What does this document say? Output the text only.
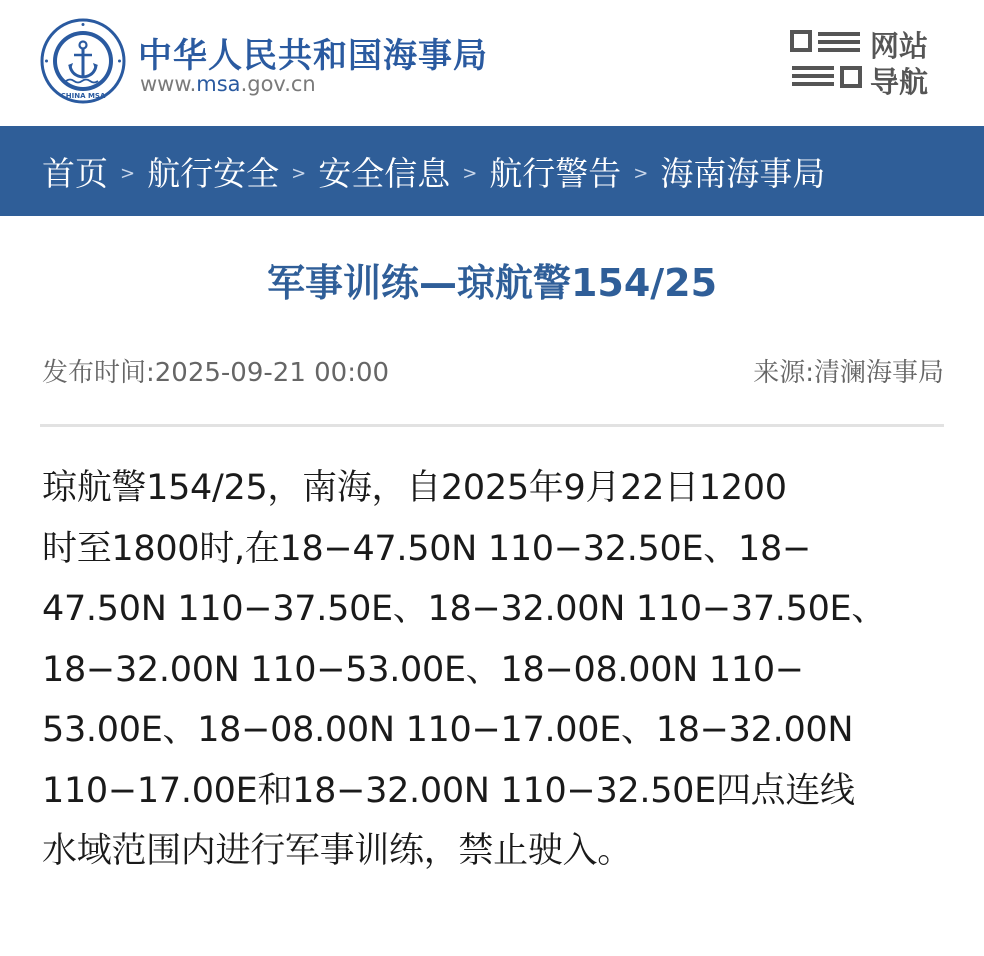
CHINA MSA
中华人民共和国海事局
www.msa.gov.cn
网站
导航
首页 > 航行安全 > 安全信息 > 航行警告 > 海南海事局
军事训练—琼航警154/25
发布时间:2025-09-21 00:00	来源:清澜海事局
琼航警154/25，南海，自2025年9月22日1200
时至1800时,在18−47.50N 110−32.50E、18−
47.50N 110−37.50E、18−32.00N 110−37.50E、
18−32.00N 110−53.00E、18−08.00N 110−
53.00E、18−08.00N 110−17.00E、18−32.00N
110−17.00E和18−32.00N 110−32.50E四点连线
水域范围内进行军事训练，禁止驶入。
